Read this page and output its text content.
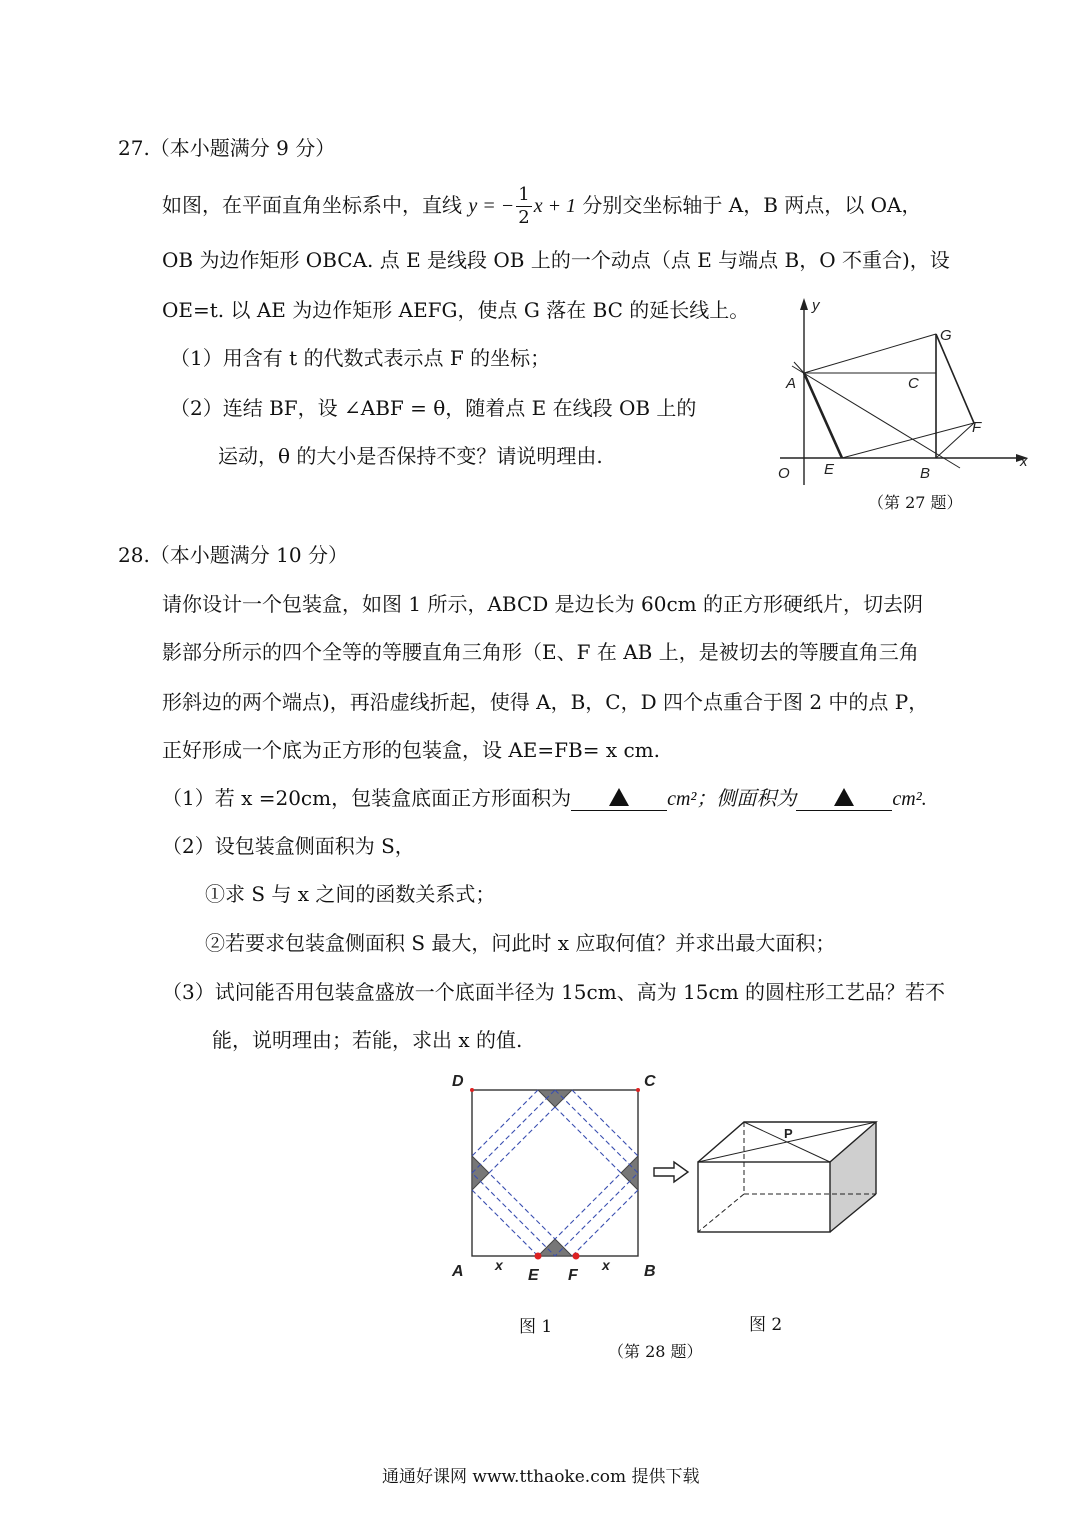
27.（本小题满分 9 分）
如图，在平面直角坐标系中，直线 y = − $\frac{1}{2}$ x + 1 分别交坐标轴于 A，B 两点，以 OA，
OB 为边作矩形 OBCA. 点 E 是线段 OB 上的一个动点（点 E 与端点 B，O 不重合)，设
OE=t. 以 AE 为边作矩形 AEFG，使点 G 落在 BC 的延长线上。
（1）用含有 t 的代数式表示点 F 的坐标；
（2）连结 BF，设 ∠ABF = θ，随着点 E 在线段 OB 上的
运动，θ 的大小是否保持不变？请说明理由.
y
x
O
A
B
C
E
F
G
（第 27 题）
28.（本小题满分 10 分）
请你设计一个包装盒，如图 1 所示，ABCD 是边长为 60cm 的正方形硬纸片，切去阴
影部分所示的四个全等的等腰直角三角形（E、F 在 AB 上，是被切去的等腰直角三角
形斜边的两个端点)，再沿虚线折起，使得 A，B，C，D 四个点重合于图 2 中的点 P，
正好形成一个底为正方形的包装盒，设 AE=FB= x cm.
（1）若 x =20cm，包装盒底面正方形面积为	cm²；侧面积为	cm².
（2）设包装盒侧面积为 S，
①求 S 与 x 之间的函数关系式；
②若要求包装盒侧面积 S 最大，问此时 x 应取何值？并求出最大面积；
（3）试问能否用包装盒盛放一个底面半径为 15cm、高为 15cm 的圆柱形工艺品？若不
能，说明理由；若能，求出 x 的值.
D	C
A	B
E F
x	x
P
图 1	图 2
（第 28 题）
通通好课网 www.tthaoke.com 提供下载
